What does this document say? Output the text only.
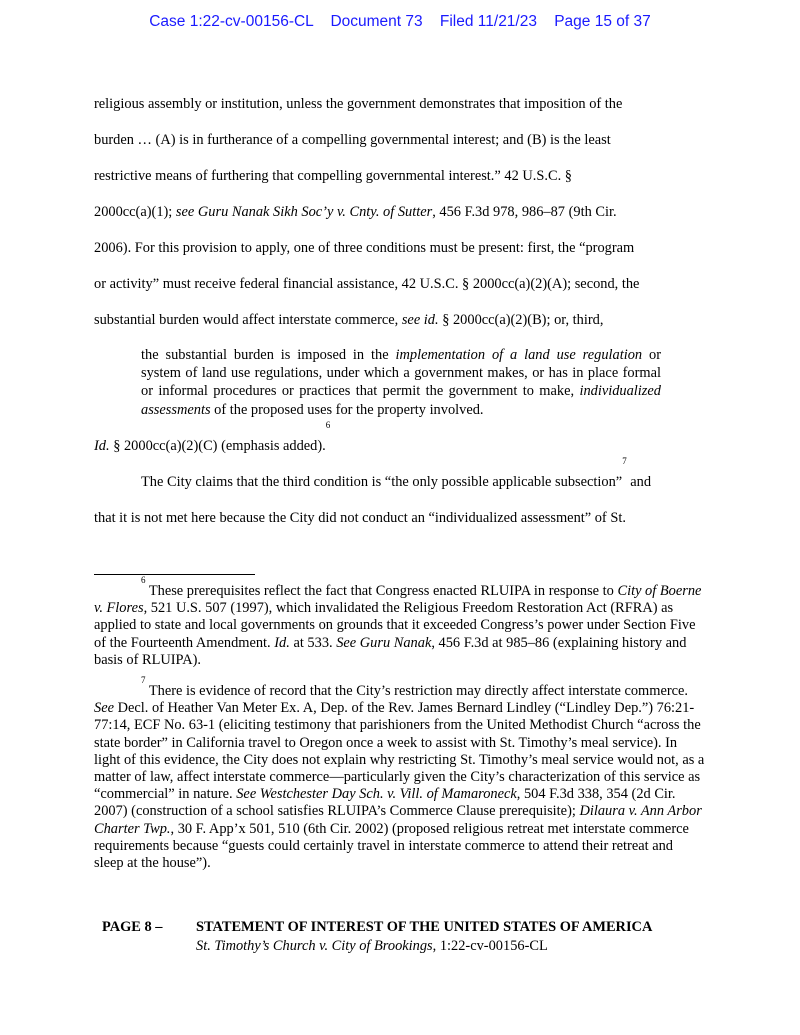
Case 1:22-cv-00156-CL Document 73 Filed 11/21/23 Page 15 of 37

religious assembly or institution, unless the government demonstrates that imposition of the

burden … (A) is in furtherance of a compelling governmental interest; and (B) is the least

restrictive means of furthering that compelling governmental interest.” 42 U.S.C. §

2000cc(a)(1); see Guru Nanak Sikh Soc’y v. Cnty. of Sutter, 456 F.3d 978, 986–87 (9th Cir.

2006). For this provision to apply, one of three conditions must be present: first, the “program

or activity” must receive federal financial assistance, 42 U.S.C. § 2000cc(a)(2)(A); second, the

substantial burden would affect interstate commerce, see id. § 2000cc(a)(2)(B); or, third,

the substantial burden is imposed in the implementation of a land use regulation or system of land use regulations, under which a government makes, or has in place formal or informal procedures or practices that permit the government to make, individualized assessments of the proposed uses for the property involved.

Id. § 2000cc(a)(2)(C) (emphasis added).$^6$

The City claims that the third condition is “the only possible applicable subsection”$^7$ and

that it is not met here because the City did not conduct an “individualized assessment” of St.

$^6$ These prerequisites reflect the fact that Congress enacted RLUIPA in response to City of Boerne v. Flores, 521 U.S. 507 (1997), which invalidated the Religious Freedom Restoration Act (RFRA) as applied to state and local governments on grounds that it exceeded Congress’s power under Section Five of the Fourteenth Amendment. Id. at 533. See Guru Nanak, 456 F.3d at 985–86 (explaining history and basis of RLUIPA).

$^7$ There is evidence of record that the City’s restriction may directly affect interstate commerce. See Decl. of Heather Van Meter Ex. A, Dep. of the Rev. James Bernard Lindley (“Lindley Dep.”) 76:21-77:14, ECF No. 63-1 (eliciting testimony that parishioners from the United Methodist Church “across the state border” in California travel to Oregon once a week to assist with St. Timothy’s meal service). In light of this evidence, the City does not explain why restricting St. Timothy’s meal service would not, as a matter of law, affect interstate commerce—particularly given the City’s characterization of this service as “commercial” in nature. See Westchester Day Sch. v. Vill. of Mamaroneck, 504 F.3d 338, 354 (2d Cir. 2007) (construction of a school satisfies RLUIPA’s Commerce Clause prerequisite); Dilaura v. Ann Arbor Charter Twp., 30 F. App’x 501, 510 (6th Cir. 2002) (proposed religious retreat met interstate commerce requirements because “guests could certainly travel in interstate commerce to attend their retreat and sleep at the house”).

PAGE 8 –	STATEMENT OF INTEREST OF THE UNITED STATES OF AMERICA
St. Timothy’s Church v. City of Brookings, 1:22-cv-00156-CL
